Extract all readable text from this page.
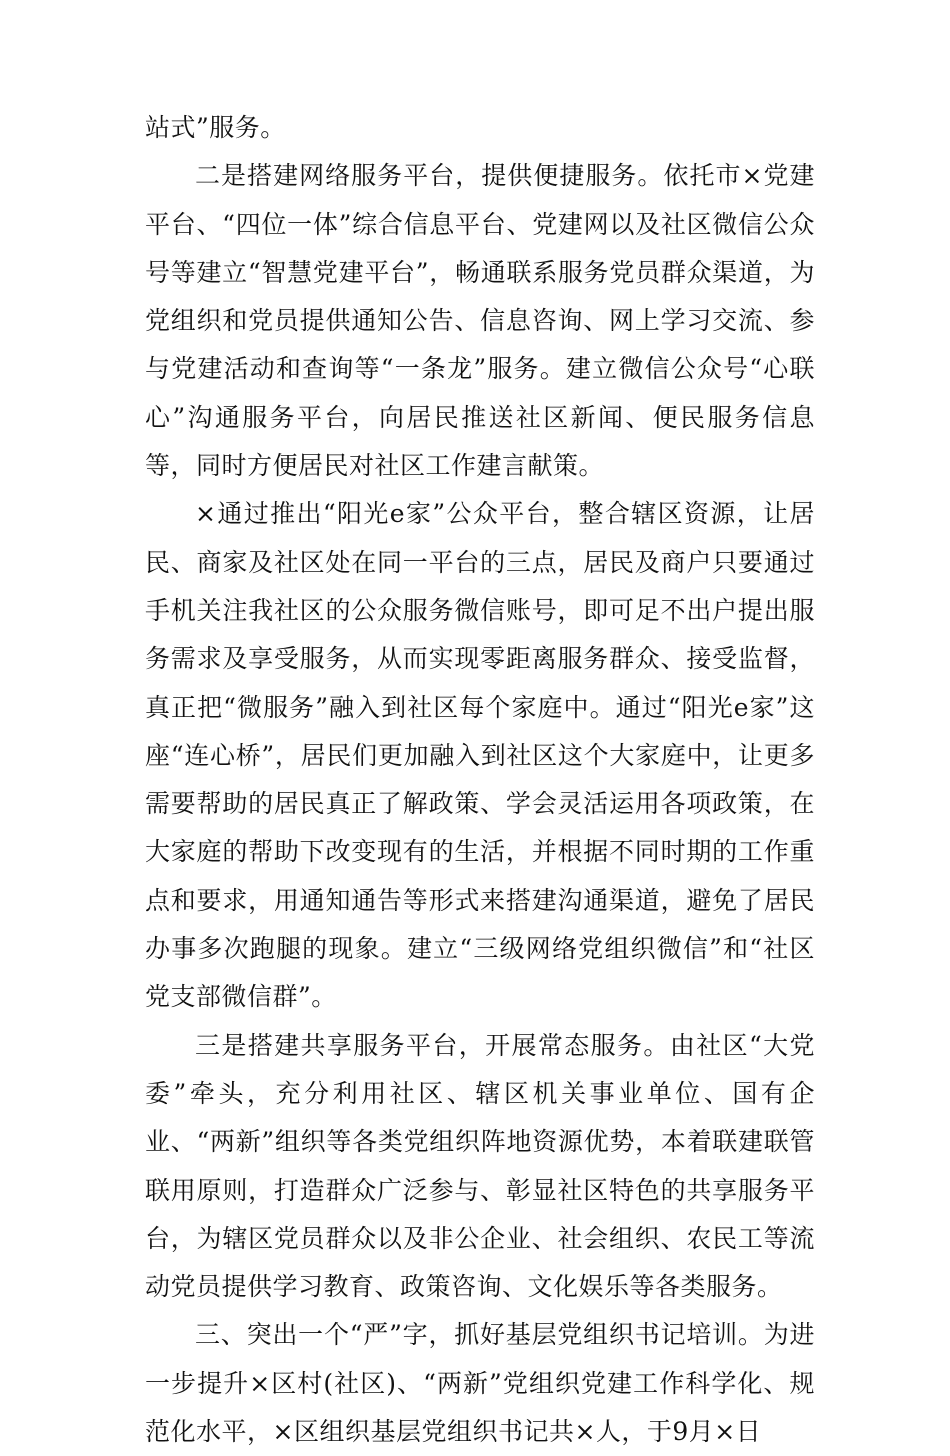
站式”服务。

二是搭建网络服务平台，提供便捷服务。依托市×党建平台、“四位一体”综合信息平台、党建网以及社区微信公众号等建立“智慧党建平台”，畅通联系服务党员群众渠道，为党组织和党员提供通知公告、信息咨询、网上学习交流、参与党建活动和查询等“一条龙”服务。建立微信公众号“心联心”沟通服务平台，向居民推送社区新闻、便民服务信息等，同时方便居民对社区工作建言献策。

×通过推出“阳光e家”公众平台，整合辖区资源，让居民、商家及社区处在同一平台的三点，居民及商户只要通过手机关注我社区的公众服务微信账号，即可足不出户提出服务需求及享受服务，从而实现零距离服务群众、接受监督，真正把“微服务”融入到社区每个家庭中。通过“阳光e家”这座“连心桥”，居民们更加融入到社区这个大家庭中，让更多需要帮助的居民真正了解政策、学会灵活运用各项政策，在大家庭的帮助下改变现有的生活，并根据不同时期的工作重点和要求，用通知通告等形式来搭建沟通渠道，避免了居民办事多次跑腿的现象。建立“三级网络党组织微信”和“社区党支部微信群”。

三是搭建共享服务平台，开展常态服务。由社区“大党委”牵头，充分利用社区、辖区机关事业单位、国有企业、“两新”组织等各类党组织阵地资源优势，本着联建联管联用原则，打造群众广泛参与、彰显社区特色的共享服务平台，为辖区党员群众以及非公企业、社会组织、农民工等流动党员提供学习教育、政策咨询、文化娱乐等各类服务。

三、突出一个“严”字，抓好基层党组织书记培训。为进一步提升×区村(社区)、“两新”党组织党建工作科学化、规范化水平，×区组织基层党组织书记共×人，于9月×日
